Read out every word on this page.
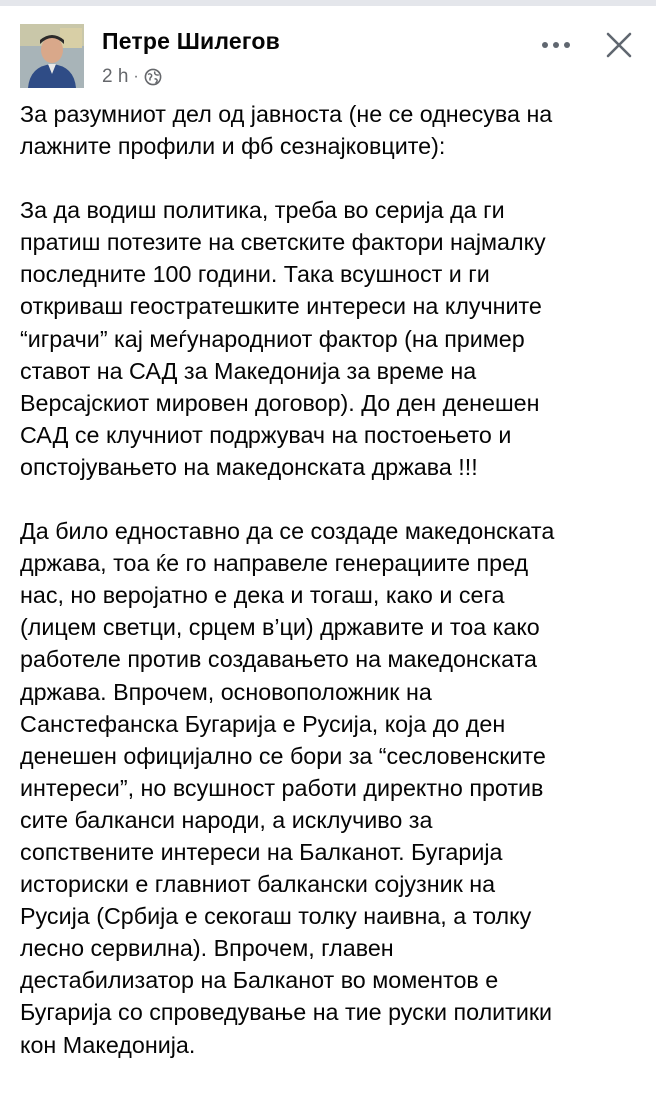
Петре Шилегов
2 h ·

За разумниот дел од јавноста (не се однесува на
лажните профили и фб сезнајковците):

За да водиш политика, треба во серија да ги
пратиш потезите на светските фактори најмалку
последните 100 години. Така всушност и ги
откриваш геостратешките интереси на клучните
“играчи” кај меѓународниот фактор (на пример
ставот на САД за Македонија за време на
Версајскиот мировен договор). До ден денешен
САД се клучниот подржувач на постоењето и
опстојувањето на македонската држава !!!

Да било едноставно да се создаде македонската
држава, тоа ќе го направеле генерациите пред
нас, но веројатно е дека и тогаш, како и сега
(лицем светци, срцем в’ци) државите и тоа како
работеле против создавањето на македонската
држава. Впрочем, основоположник на
Санстефанска Бугарија е Русија, која до ден
денешен официјално се бори за “сесловенските
интереси”, но всушност работи директно против
сите балканси народи, а исклучиво за
сопствените интереси на Балканот. Бугарија
историски е главниот балкански сојузник на
Русија (Србија е секогаш толку наивна, а толку
лесно сервилна). Впрочем, главен
дестабилизатор на Балканот во моментов е
Бугарија со спроведување на тие руски политики
кон Македонија.
